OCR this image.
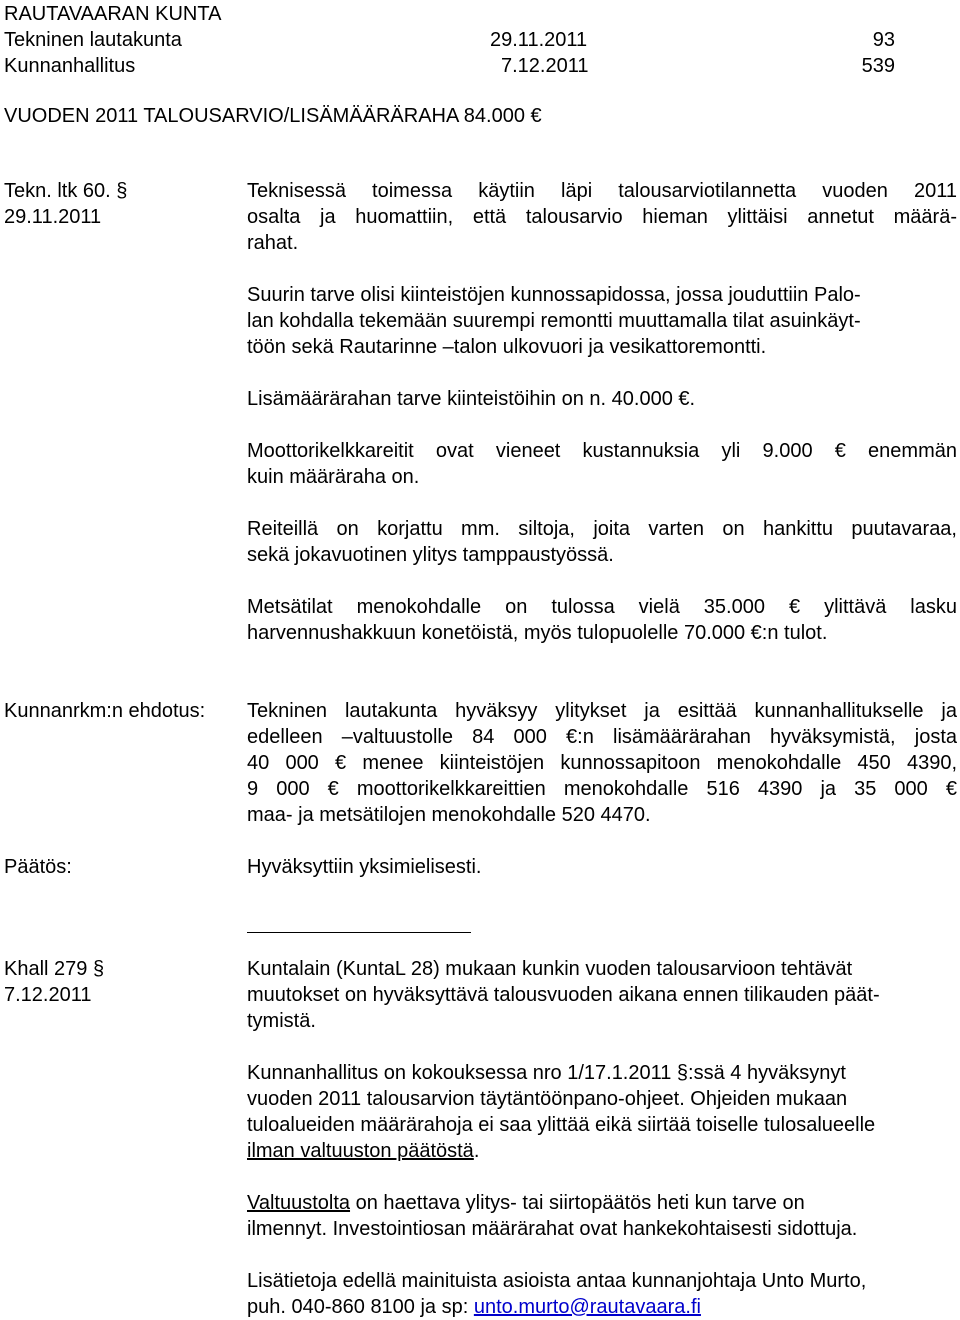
RAUTAVAARAN KUNTA
Tekninen lautakunta	29.11.2011	93
Kunnanhallitus	7.12.2011	539
VUODEN 2011 TALOUSARVIO/LISÄMÄÄRÄRAHA 84.000 €
Tekn. ltk 60. §
29.11.2011
Teknisessä toimessa käytiin läpi talousarviotilannetta vuoden 2011
osalta ja huomattiin, että talousarvio hieman ylittäisi annetut määrä-
rahat.
Suurin tarve olisi kiinteistöjen kunnossapidossa, jossa jouduttiin Palo-
lan kohdalla tekemään suurempi remontti muuttamalla tilat asuinkäyt-
töön sekä Rautarinne –talon ulkovuori ja vesikattoremontti.
Lisämäärärahan tarve kiinteistöihin on n. 40.000 €.
Moottorikelkkareitit ovat vieneet kustannuksia yli 9.000 € enemmän
kuin määräraha on.
Reiteillä on korjattu mm. siltoja, joita varten on hankittu puutavaraa,
sekä jokavuotinen ylitys tamppaustyössä.
Metsätilat menokohdalle on tulossa vielä 35.000 € ylittävä lasku
harvennushakkuun konetöistä, myös tulopuolelle 70.000 €:n tulot.
Kunnanrkm:n ehdotus: Tekninen lautakunta hyväksyy ylitykset ja esittää kunnanhallitukselle ja
edelleen –valtuustolle 84 000 €:n lisämäärärahan hyväksymistä, josta
40 000 € menee kiinteistöjen kunnossapitoon menokohdalle 450 4390,
9 000 € moottorikelkkareittien menokohdalle 516 4390 ja 35 000 €
maa- ja metsätilojen menokohdalle 520 4470.
Päätös:	Hyväksyttiin yksimielisesti.
Khall 279 §
7.12.2011
Kuntalain (KuntaL 28) mukaan kunkin vuoden talousarvioon tehtävät
muutokset on hyväksyttävä talousvuoden aikana ennen tilikauden päät-
tymistä.
Kunnanhallitus on kokouksessa nro 1/17.1.2011 §:ssä 4 hyväksynyt
vuoden 2011 talousarvion täytäntöönpano-ohjeet. Ohjeiden mukaan
tuloalueiden määrärahoja ei saa ylittää eikä siirtää toiselle tulosalueelle
ilman valtuuston päätöstä.
Valtuustolta on haettava ylitys- tai siirtopäätös heti kun tarve on
ilmennyt. Investointiosan määrärahat ovat hankekohtaisesti sidottuja.
Lisätietoja edellä mainituista asioista antaa kunnanjohtaja Unto Murto,
puh. 040-860 8100 ja sp: unto.murto@rautavaara.fi
